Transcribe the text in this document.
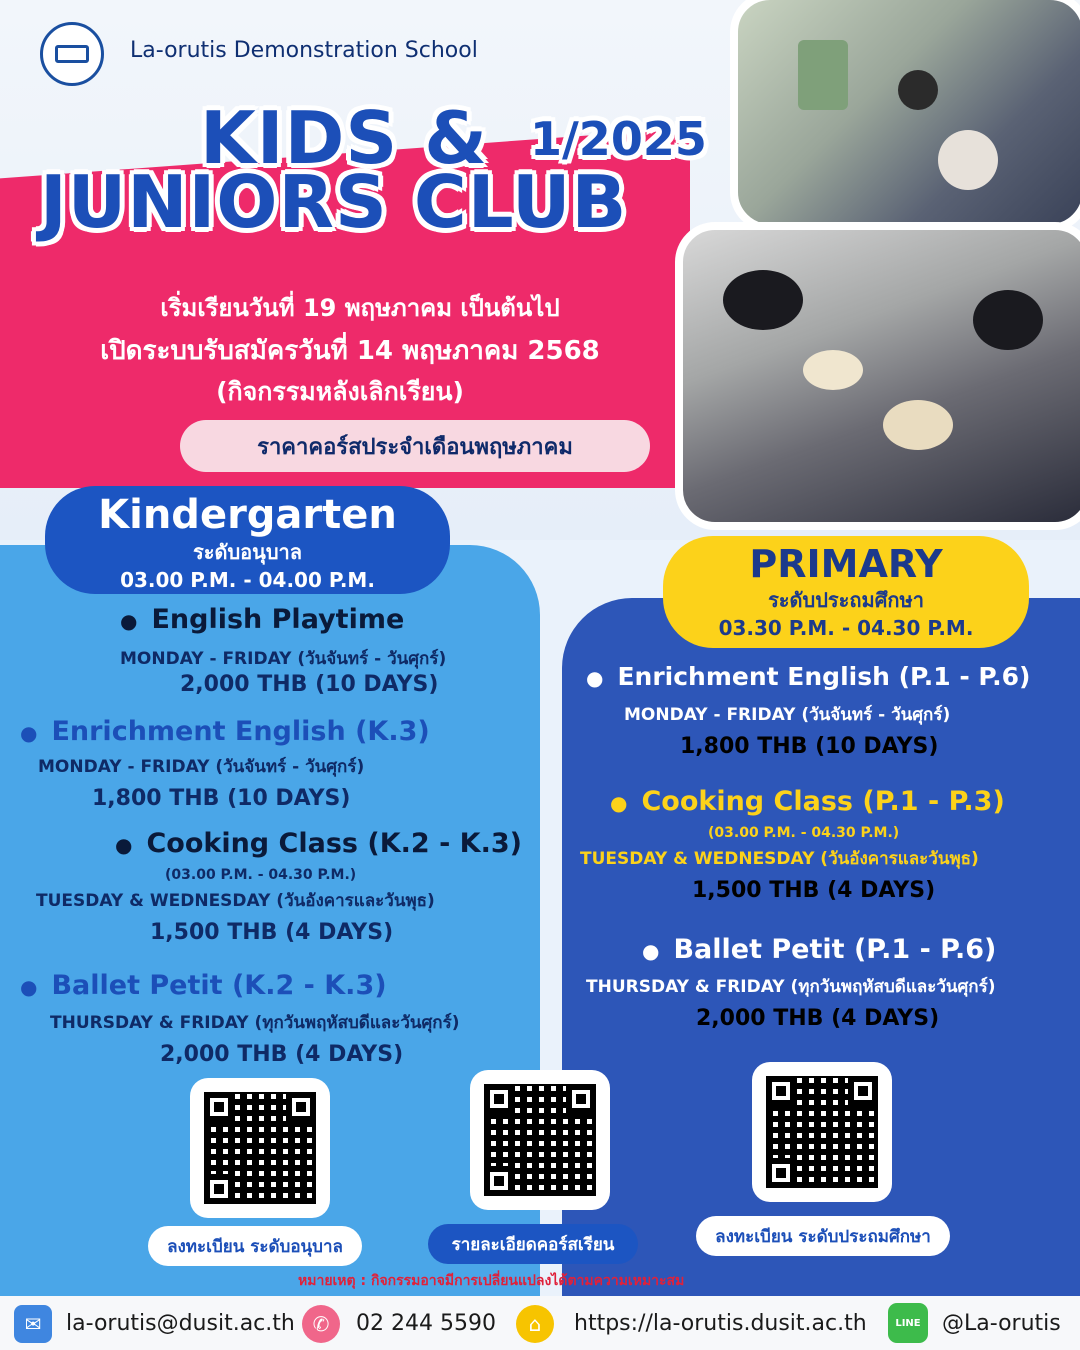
La-orutis Demonstration School
KIDS & 1/2025
JUNIORS CLUB
เริ่มเรียนวันที่ 19 พฤษภาคม เป็นต้นไป
เปิดระบบรับสมัครวันที่ 14 พฤษภาคม 2568
(กิจกรรมหลังเลิกเรียน)
ราคาคอร์สประจำเดือนพฤษภาคม
Kindergarten
ระดับอนุบาล
03.00 P.M. - 04.00 P.M.	PRIMARY
ระดับประถมศึกษา
03.30 P.M. - 04.30 P.M.
● English Playtime
MONDAY - FRIDAY (วันจันทร์ - วันศุกร์)
2,000 THB (10 DAYS)
● Enrichment English (K.3)
MONDAY - FRIDAY (วันจันทร์ - วันศุกร์)
1,800 THB (10 DAYS)
● Cooking Class (K.2 - K.3)
(03.00 P.M. - 04.30 P.M.)
TUESDAY & WEDNESDAY (วันอังคารและวันพุธ)
1,500 THB (4 DAYS)
● Ballet Petit (K.2 - K.3)
THURSDAY & FRIDAY (ทุกวันพฤหัสบดีและวันศุกร์)
2,000 THB (4 DAYS)
● Enrichment English (P.1 - P.6)
MONDAY - FRIDAY (วันจันทร์ - วันศุกร์)
1,800 THB (10 DAYS)
● Cooking Class (P.1 - P.3)
(03.00 P.M. - 04.30 P.M.)
TUESDAY & WEDNESDAY (วันอังคารและวันพุธ)
1,500 THB (4 DAYS)
● Ballet Petit (P.1 - P.6)
THURSDAY & FRIDAY (ทุกวันพฤหัสบดีและวันศุกร์)
2,000 THB (4 DAYS)
ลงทะเบียน ระดับอนุบาล	รายละเอียดคอร์สเรียน	ลงทะเบียน ระดับประถมศึกษา
หมายเหตุ : กิจกรรมอาจมีการเปลี่ยนแปลงได้ตามความเหมาะสม
✉	la-orutis@dusit.ac.th ✆	02 244 5590	⌂	https://la-orutis.dusit.ac.th	LINE @La-orutis
